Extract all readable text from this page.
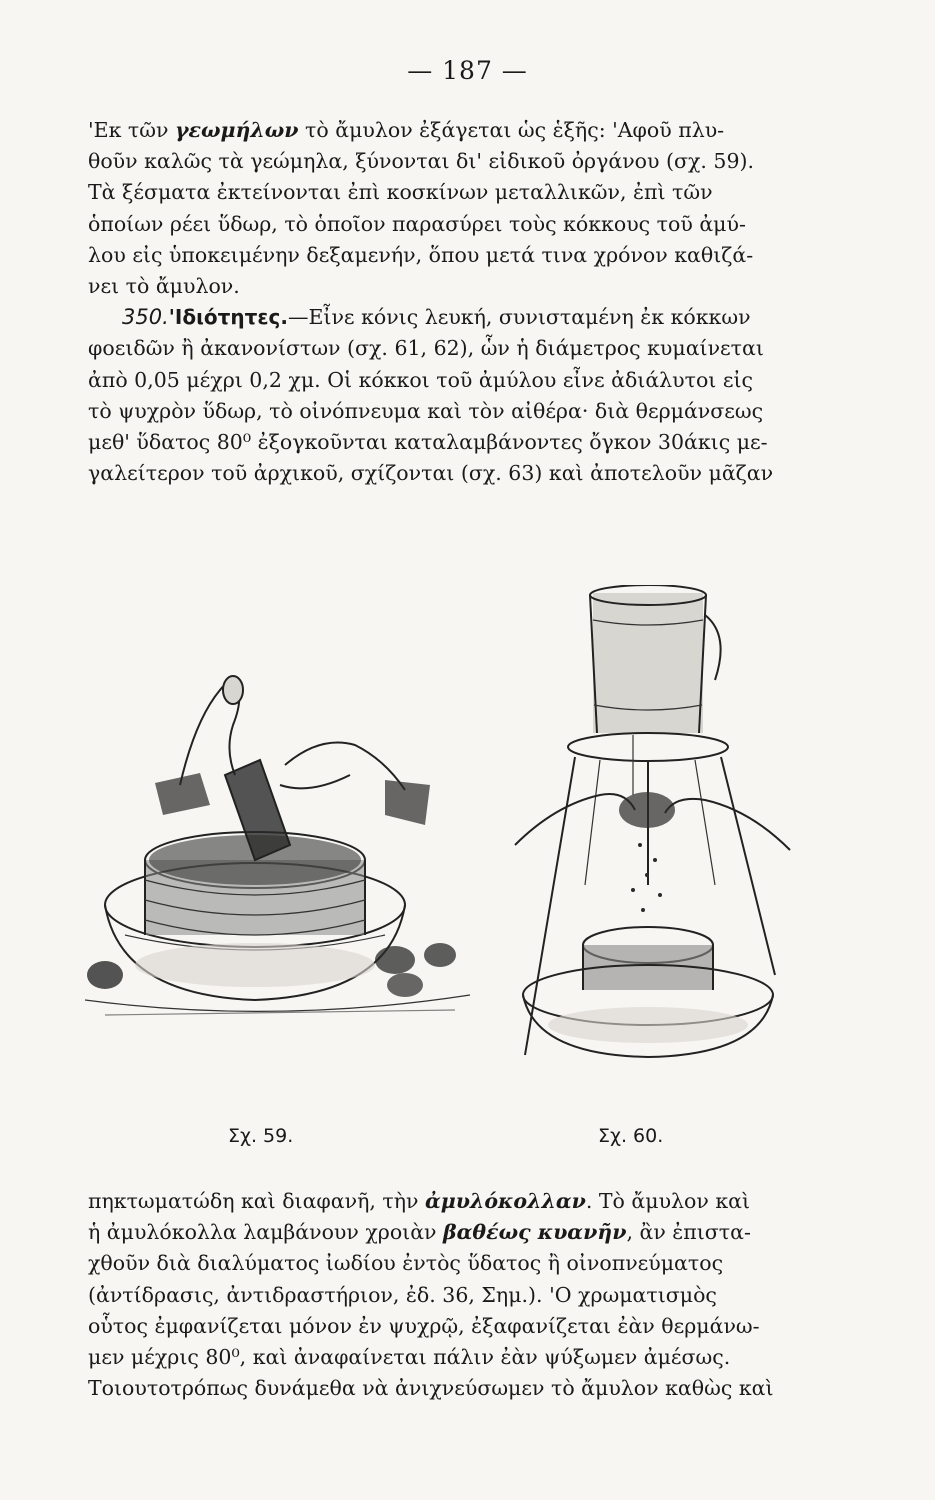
— 187 —

'Εκ τῶν γεωμήλων τὸ ἄμυλον ἐξάγεται ὡς ἑξῆς: 'Αφοῦ πλυ-
θοῦν καλῶς τὰ γεώμηλα, ξύνονται δι' εἰδικοῦ ὀργάνου (σχ. 59).
Τὰ ξέσματα ἐκτείνονται ἐπὶ κοσκίνων μεταλλικῶν, ἐπὶ τῶν
ὁποίων ρέει ὕδωρ, τὸ ὁποῖον παρασύρει τοὺς κόκκους τοῦ ἀμύ-
λου εἰς ὑποκειμένην δεξαμενήν, ὅπου μετά τινα χρόνον καθιζά-
νει τὸ ἄμυλον.

350.'Ιδιότητες.—Εἶνε κόνις λευκή, συνισταμένη ἐκ κόκκων
φοειδῶν ἢ ἀκανονίστων (σχ. 61, 62), ὧν ἡ διάμετρος κυμαίνεται
ἀπὸ 0,05 μέχρι 0,2 χμ. Οἱ κόκκοι τοῦ ἀμύλου εἶνε ἀδιάλυτοι εἰς
τὸ ψυχρὸν ὕδωρ, τὸ οἰνόπνευμα καὶ τὸν αἰθέρα· διὰ θερμάνσεως
μεθ' ὕδατος 80⁰ ἐξογκοῦνται καταλαμβάνοντες ὄγκον 30άκις με-
γαλείτερον τοῦ ἀρχικοῦ, σχίζονται (σχ. 63) καὶ ἀποτελοῦν μᾶζαν

Σχ. 59.	Σχ. 60.

πηκτωματώδη καὶ διαφανῆ, τὴν ἀμυλόκολλαν. Τὸ ἄμυλον καὶ
ἡ ἀμυλόκολλα λαμβάνουν χροιὰν βαθέως κυανῆν, ἂν ἐπιστα-
χθοῦν διὰ διαλύματος ἰωδίου ἐντὸς ὕδατος ἢ οἰνοπνεύματος
(ἀντίδρασις, ἀντιδραστήριον, ἐδ. 36, Σημ.). 'Ο χρωματισμὸς
οὗτος ἐμφανίζεται μόνον ἐν ψυχρῷ, ἐξαφανίζεται ἐὰν θερμάνω-
μεν μέχρις 80⁰, καὶ ἀναφαίνεται πάλιν ἐὰν ψύξωμεν ἀμέσως.
Τοιουτοτρόπως δυνάμεθα νὰ ἀνιχνεύσωμεν τὸ ἄμυλον καθὼς καὶ
